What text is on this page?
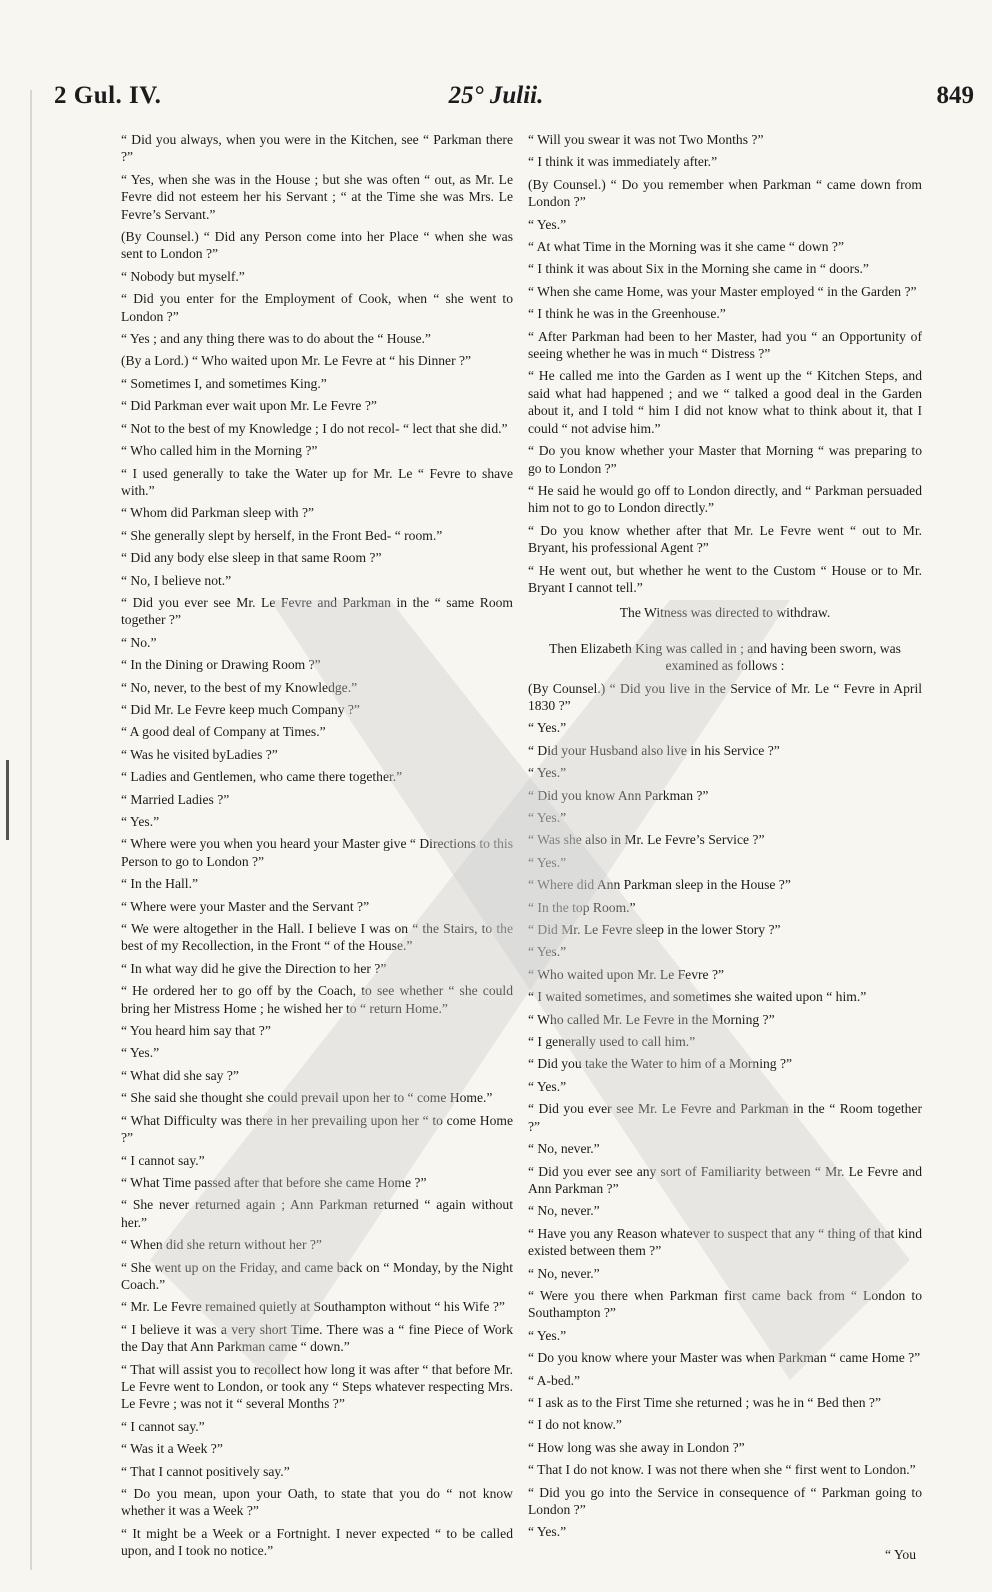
2 Gul. IV.	25° Julii.	849
“ Did you always, when you were in the Kitchen, see “ Parkman there ?”
“ Yes, when she was in the House ; but she was often “ out, as Mr. Le Fevre did not esteem her his Servant ; “ at the Time she was Mrs. Le Fevre’s Servant.”
(By Counsel.) “ Did any Person come into her Place “ when she was sent to London ?”
“ Nobody but myself.”
“ Did you enter for the Employment of Cook, when “ she went to London ?”
“ Yes ; and any thing there was to do about the “ House.”
(By a Lord.) “ Who waited upon Mr. Le Fevre at “ his Dinner ?”
“ Sometimes I, and sometimes King.”
“ Did Parkman ever wait upon Mr. Le Fevre ?”
“ Not to the best of my Knowledge ; I do not recol- “ lect that she did.”
“ Who called him in the Morning ?”
“ I used generally to take the Water up for Mr. Le “ Fevre to shave with.”
“ Whom did Parkman sleep with ?”
“ She generally slept by herself, in the Front Bed- “ room.”
“ Did any body else sleep in that same Room ?”
“ No, I believe not.”
“ Did you ever see Mr. Le Fevre and Parkman in the “ same Room together ?”
“ No.”
“ In the Dining or Drawing Room ?”
“ No, never, to the best of my Knowledge.”
“ Did Mr. Le Fevre keep much Company ?”
“ A good deal of Company at Times.”
“ Was he visited byLadies ?”
“ Ladies and Gentlemen, who came there together.”
“ Married Ladies ?”
“ Yes.”
“ Where were you when you heard your Master give “ Directions to this Person to go to London ?”
“ In the Hall.”
“ Where were your Master and the Servant ?”
“ We were altogether in the Hall. I believe I was on “ the Stairs, to the best of my Recollection, in the Front “ of the House.”
“ In what way did he give the Direction to her ?”
“ He ordered her to go off by the Coach, to see whether “ she could bring her Mistress Home ; he wished her to “ return Home.”
“ You heard him say that ?”
“ Yes.”
“ What did she say ?”
“ She said she thought she could prevail upon her to “ come Home.”
“ What Difficulty was there in her prevailing upon her “ to come Home ?”
“ I cannot say.”
“ What Time passed after that before she came Home ?”
“ She never returned again ; Ann Parkman returned “ again without her.”
“ When did she return without her ?”
“ She went up on the Friday, and came back on “ Monday, by the Night Coach.”
“ Mr. Le Fevre remained quietly at Southampton without “ his Wife ?”
“ I believe it was a very short Time. There was a “ fine Piece of Work the Day that Ann Parkman came “ down.”
“ That will assist you to recollect how long it was after “ that before Mr. Le Fevre went to London, or took any “ Steps whatever respecting Mrs. Le Fevre ; was not it “ several Months ?”
“ I cannot say.”
“ Was it a Week ?”
“ That I cannot positively say.”
“ Do you mean, upon your Oath, to state that you do “ not know whether it was a Week ?”
“ It might be a Week or a Fortnight. I never expected “ to be called upon, and I took no notice.”
“ Will you swear it was not Two Months ?”
“ I think it was immediately after.”
(By Counsel.) “ Do you remember when Parkman “ came down from London ?”
“ Yes.”
“ At what Time in the Morning was it she came “ down ?”
“ I think it was about Six in the Morning she came in “ doors.”
“ When she came Home, was your Master employed “ in the Garden ?”
“ I think he was in the Greenhouse.”
“ After Parkman had been to her Master, had you “ an Opportunity of seeing whether he was in much “ Distress ?”
“ He called me into the Garden as I went up the “ Kitchen Steps, and said what had happened ; and we “ talked a good deal in the Garden about it, and I told “ him I did not know what to think about it, that I could “ not advise him.”
“ Do you know whether your Master that Morning “ was preparing to go to London ?”
“ He said he would go off to London directly, and “ Parkman persuaded him not to go to London directly.”
“ Do you know whether after that Mr. Le Fevre went “ out to Mr. Bryant, his professional Agent ?”
“ He went out, but whether he went to the Custom “ House or to Mr. Bryant I cannot tell.”
The Witness was directed to withdraw.
Then Elizabeth King was called in ; and having been sworn, was examined as follows :
(By Counsel.) “ Did you live in the Service of Mr. Le “ Fevre in April 1830 ?”
“ Yes.”
“ Did your Husband also live in his Service ?”
“ Yes.”
“ Did you know Ann Parkman ?”
“ Yes.”
“ Was she also in Mr. Le Fevre’s Service ?”
“ Yes.”
“ Where did Ann Parkman sleep in the House ?”
“ In the top Room.”
“ Did Mr. Le Fevre sleep in the lower Story ?”
“ Yes.”
“ Who waited upon Mr. Le Fevre ?”
“ I waited sometimes, and sometimes she waited upon “ him.”
“ Who called Mr. Le Fevre in the Morning ?”
“ I generally used to call him.”
“ Did you take the Water to him of a Morning ?”
“ Yes.”
“ Did you ever see Mr. Le Fevre and Parkman in the “ Room together ?”
“ No, never.”
“ Did you ever see any sort of Familiarity between “ Mr. Le Fevre and Ann Parkman ?”
“ No, never.”
“ Have you any Reason whatever to suspect that any “ thing of that kind existed between them ?”
“ No, never.”
“ Were you there when Parkman first came back from “ London to Southampton ?”
“ Yes.”
“ Do you know where your Master was when Parkman “ came Home ?”
“ A-bed.”
“ I ask as to the First Time she returned ; was he in “ Bed then ?”
“ I do not know.”
“ How long was she away in London ?”
“ That I do not know. I was not there when she “ first went to London.”
“ Did you go into the Service in consequence of “ Parkman going to London ?”
“ Yes.”
“ You
